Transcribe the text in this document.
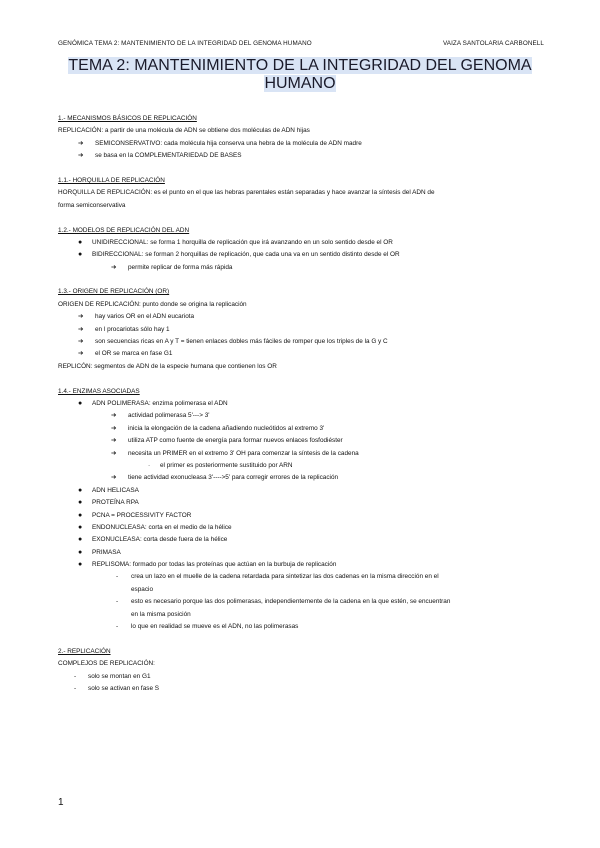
GENÓMICA TEMA 2: MANTENIMIENTO DE LA INTEGRIDAD DEL GENOMA HUMANO	VAIZA SANTOLARIA CARBONELL
TEMA 2: MANTENIMIENTO DE LA INTEGRIDAD DEL GENOMA
HUMANO
1.- MECANISMOS BÁSICOS DE REPLICACIÓN
REPLICACIÓN: a partir de una molécula de ADN se obtiene dos moléculas de ADN hijas
➔ SEMICONSERVATIVO: cada molécula hija conserva una hebra de la molécula de ADN madre
➔ se basa en la COMPLEMENTARIEDAD DE BASES
1.1.- HORQUILLA DE REPLICACIÓN
HORQUILLA DE REPLICACIÓN: es el punto en el que las hebras parentales están separadas y hace avanzar la síntesis del ADN de
forma semiconservativa
1.2.- MODELOS DE REPLICACIÓN DEL ADN
● UNIDIRECCIONAL: se forma 1 horquilla de replicación que irá avanzando en un solo sentido desde el OR
● BIDIRECCIONAL: se forman 2 horquillas de replicación, que cada una va en un sentido distinto desde el OR
➔ permite replicar de forma más rápida
1.3.- ORIGEN DE REPLICACIÓN (OR)
ORIGEN DE REPLICACIÓN: punto donde se origina la replicación
➔ hay varios OR en el ADN eucariota
➔ en l procariotas sólo hay 1
➔ son secuencias ricas en A y T = tienen enlaces dobles más fáciles de romper que los triples de la G y C
➔ el OR se marca en fase G1
REPLICÓN: segmentos de ADN de la especie humana que contienen los OR
1.4.- ENZIMAS ASOCIADAS
● ADN POLIMERASA: enzima polimerasa el ADN
➔ actividad polimerasa 5'---> 3'
➔ inicia la elongación de la cadena añadiendo nucleótidos al extremo 3'
➔ utiliza ATP como fuente de energía para formar nuevos enlaces fosfodiéster
➔ necesita un PRIMER en el extremo 3' OH para comenzar la síntesis de la cadena
· el primer es posteriormente sustituido por ARN
➔ tiene actividad exonucleasa 3'---->5' para corregir errores de la replicación
● ADN HELICASA
● PROTEÍNA RPA
● PCNA = PROCESSIVITY FACTOR
● ENDONUCLEASA: corta en el medio de la hélice
● EXONUCLEASA: corta desde fuera de la hélice
● PRIMASA
● REPLISOMA: formado por todas las proteínas que actúan en la burbuja de replicación
- crea un lazo en el muelle de la cadena retardada para sintetizar las dos cadenas en la misma dirección en el
espacio
- esto es necesario porque las dos polimerasas, independientemente de la cadena en la que estén, se encuentran
en la misma posición
- lo que en realidad se mueve es el ADN, no las polimerasas
2.- REPLICACIÓN
COMPLEJOS DE REPLICACIÓN:
- solo se montan en G1
- solo se activan en fase S
1
